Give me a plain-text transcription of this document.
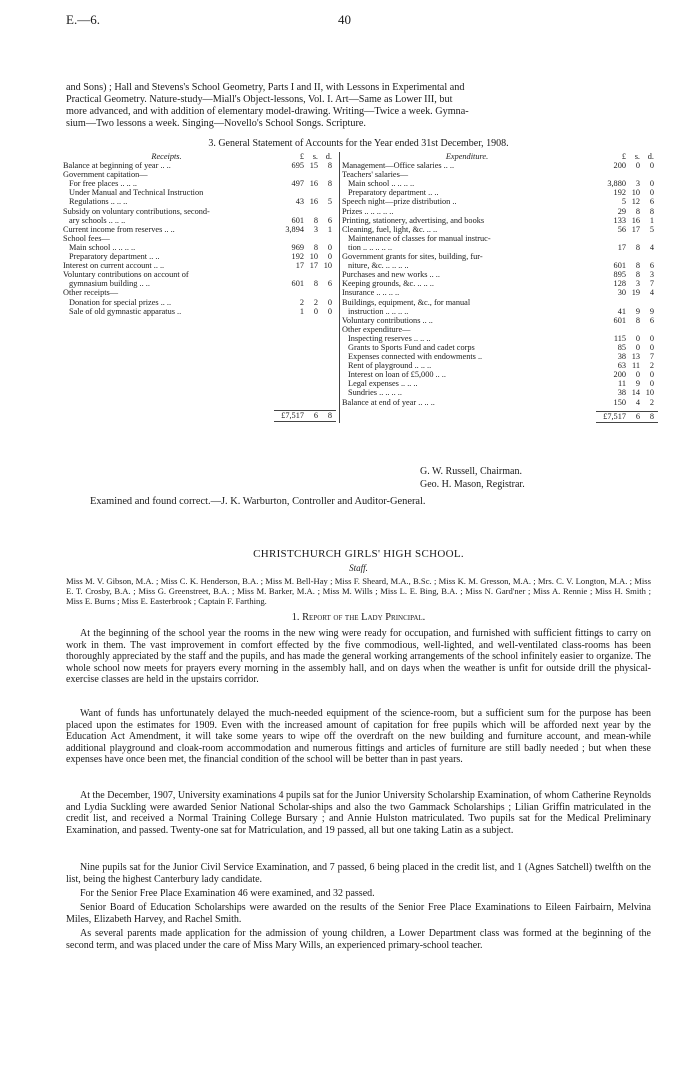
E.—6.	40

and Sons) ; Hall and Stevens's School Geometry, Parts I and II, with Lessons in Experimental and

Practical Geometry. Nature-study—Miall's Object-lessons, Vol. I. Art—Same as Lower III, but

more advanced, and with addition of elementary model-drawing. Writing—Twice a week. Gymna-

sium—Two lessons a week. Singing—Novello's School Songs. Scripture.

3. General Statement of Accounts for the Year ended 31st December, 1908.

Receipts.	£ s. d.
Balance at beginning of year .. ..	695 15 8
Government capitation—
For free places .. .. ..	497 16 8
Under Manual and Technical Instruction
Regulations .. .. ..	43 16 5
Subsidy on voluntary contributions, second-
ary schools .. .. ..	601 8 6
Current income from reserves .. ..	3,894 3 1
School fees—
Main school .. .. .. ..	969 8 0
Preparatory department .. ..	192 10 0
Interest on current account .. ..	17 17 10
Voluntary contributions on account of
gymnasium building .. ..	601 8 6
Other receipts—
Donation for special prizes .. ..	2 2 0
Sale of old gymnastic apparatus ..	1 0 0
£7,517 6 8
Expenditure.	£ s. d.
Management—Office salaries .. ..	200 0 0
Teachers' salaries—
Main school .. .. .. ..	3,880 3 0
Preparatory department .. ..	192 10 0
Speech night—prize distribution ..	5 12 6
Prizes .. .. .. .. ..	29 8 8
Printing, stationery, advertising, and books	133 16 1
Cleaning, fuel, light, &c. .. ..	56 17 5
Maintenance of classes for manual instruc-
tion .. .. .. .. ..	17 8 4
Government grants for sites, building, fur-
niture, &c. .. .. .. ..	601 8 6
Purchases and new works .. ..	895 8 3
Keeping grounds, &c. .. .. ..	128 3 7
Insurance .. .. .. ..	30 19 4
Buildings, equipment, &c., for manual
instruction .. .. .. ..	41 9 9
Voluntary contributions .. ..	601 8 6
Other expenditure—
Inspecting reserves .. .. ..	115 0 0
Grants to Sports Fund and cadet corps	85 0 0
Expenses connected with endowments ..	38 13 7
Rent of playground .. .. ..	63 11 2
Interest on loan of £5,000 .. ..	200 0 0
Legal expenses .. .. ..	11 9 0
Sundries .. .. .. ..	38 14 10
Balance at end of year .. .. ..	150 4 2
£7,517 6 8
G. W. Russell, Chairman.
Geo. H. Mason, Registrar.

Examined and found correct.—J. K. Warburton, Controller and Auditor-General.

CHRISTCHURCH GIRLS' HIGH SCHOOL.

Staff.

Miss M. V. Gibson, M.A. ; Miss C. K. Henderson, B.A. ; Miss M. Bell-Hay ; Miss F. Sheard, M.A., B.Sc. ; Miss K. M. Gresson, M.A. ; Mrs. C. V. Longton, M.A. ; Miss E. T. Crosby, B.A. ; Miss G. Greenstreet, B.A. ; Miss M. Barker, M.A. ; Miss M. Wills ; Miss L. E. Bing, B.A. ; Miss N. Gard'ner ; Miss A. Rennie ; Miss H. Smith ; Miss E. Burns ; Miss E. Easterbrook ; Captain F. Farthing.

1. Report of the Lady Principal.

At the beginning of the school year the rooms in the new wing were ready for occupation, and furnished with sufficient fittings to carry on work in them. The vast improvement in comfort effected by the five commodious, well-lighted, and well-ventilated class-rooms has been thoroughly appreciated by the staff and the pupils, and has made the general working arrangements of the school infinitely easier to organize. The whole school now meets for prayers every morning in the assembly hall, and on days when the weather is unfit for outside drill the physical-exercise classes are held in the upstairs corridor.

Want of funds has unfortunately delayed the much-needed equipment of the science-room, but a sufficient sum for the purpose has been placed upon the estimates for 1909. Even with the increased amount of capitation for free pupils which will be afforded next year by the Education Act Amendment, it will take some years to wipe off the overdraft on the new building and furniture account, and mean-while additional playground and cloak-room accommodation and numerous fittings and articles of furniture are still badly needed ; but when these expenses have once been met, the financial condition of the school will be better than in past years.

At the December, 1907, University examinations 4 pupils sat for the Junior University Scholarship Examination, of whom Catherine Reynolds and Lydia Suckling were awarded Senior National Scholar-ships and also the two Gammack Scholarships ; Lilian Griffin matriculated in the credit list, and received a Normal Training College Bursary ; and Annie Hulston matriculated. Two pupils sat for the Medical Preliminary Examination, and passed. Twenty-one sat for Matriculation, and 19 passed, all but one taking Latin as a subject.

Nine pupils sat for the Junior Civil Service Examination, and 7 passed, 6 being placed in the credit list, and 1 (Agnes Satchell) twelfth on the list, being the highest Canterbury lady candidate.

For the Senior Free Place Examination 46 were examined, and 32 passed.

Senior Board of Education Scholarships were awarded on the results of the Senior Free Place Examinations to Eileen Fairbairn, Melvina Miles, Elizabeth Harvey, and Rachel Smith.

As several parents made application for the admission of young children, a Lower Department class was formed at the beginning of the second term, and was placed under the care of Miss Mary Wills, an experienced primary-school teacher.
